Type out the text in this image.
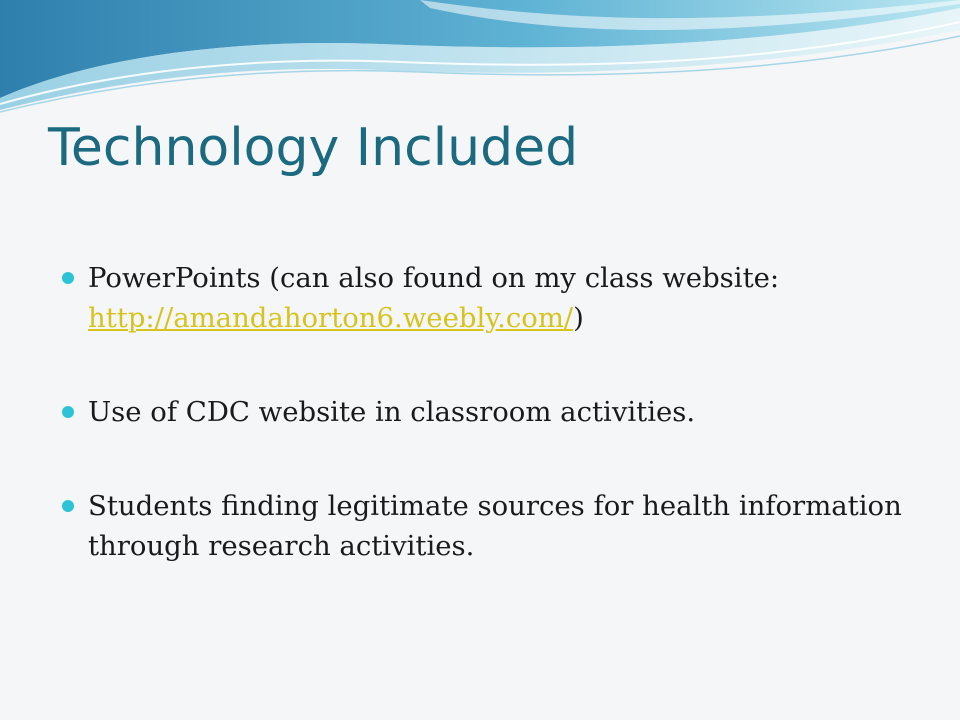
Technology Included
PowerPoints (can also found on my class website: http://amandahorton6.weebly.com/)
Use of CDC website in classroom activities.
Students finding legitimate sources for health information through research activities.
